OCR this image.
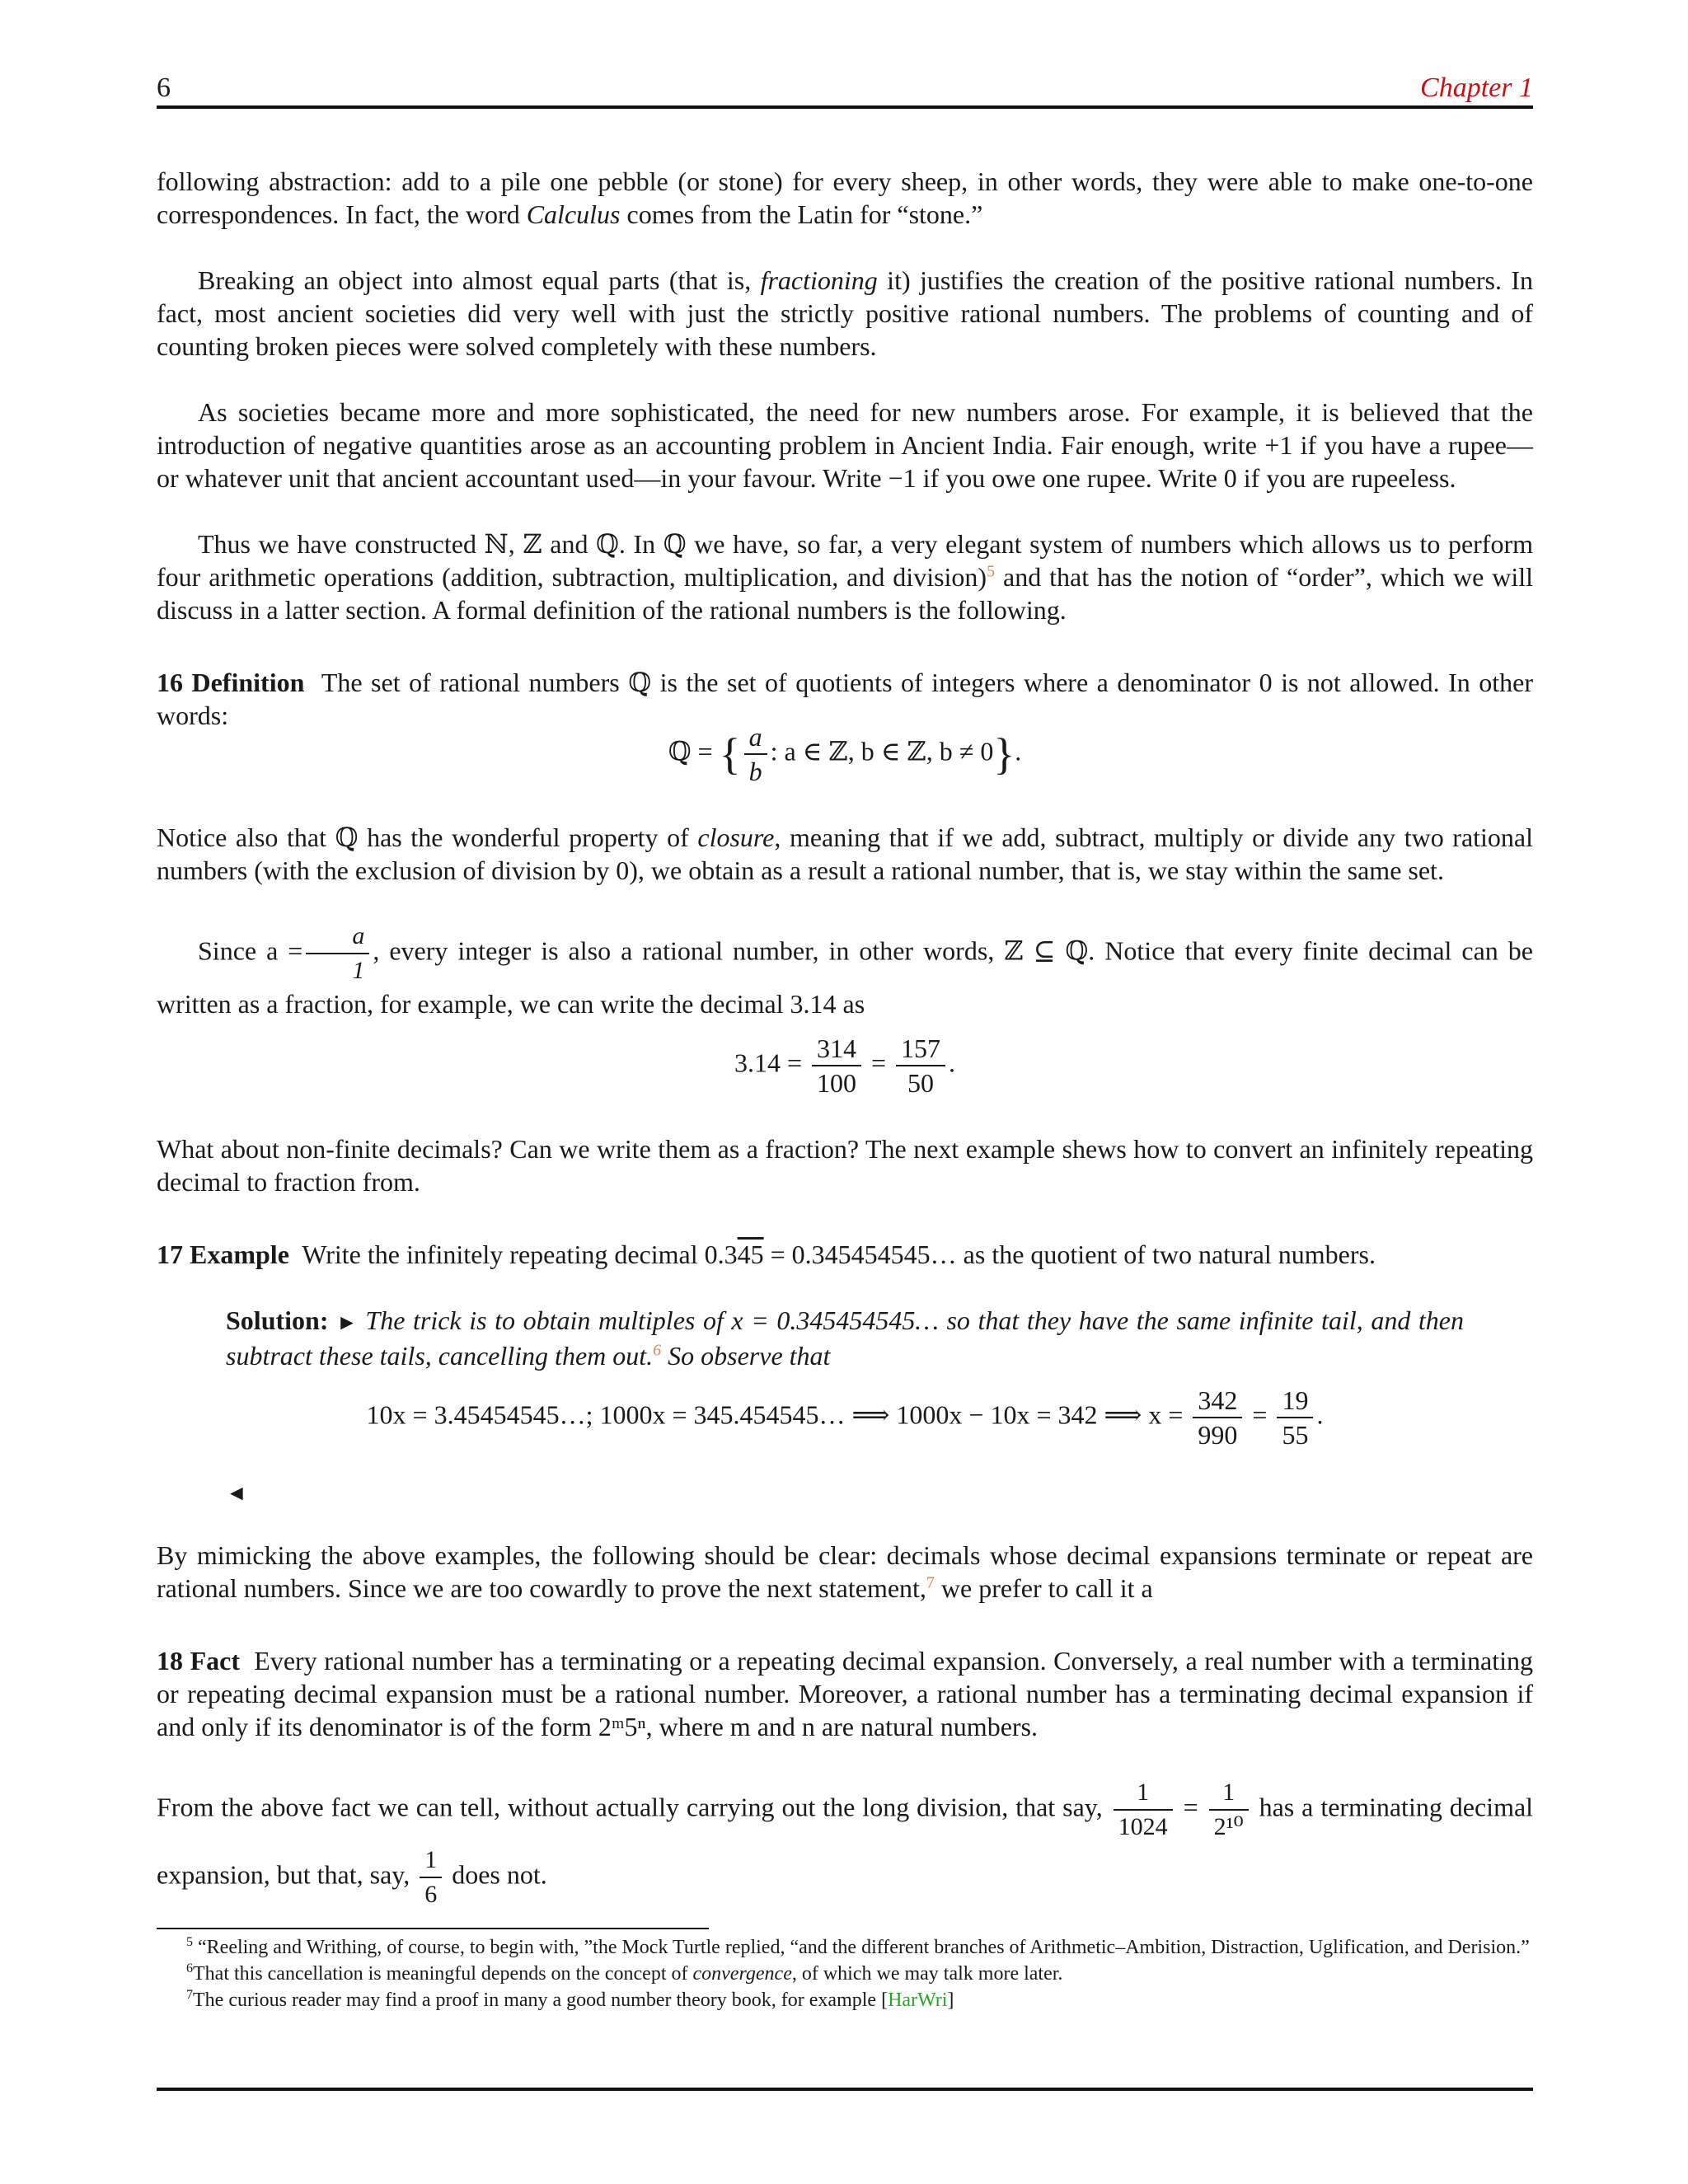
6	Chapter 1

following abstraction: add to a pile one pebble (or stone) for every sheep, in other words, they were able to make one-to-one correspondences. In fact, the word Calculus comes from the Latin for “stone.”

Breaking an object into almost equal parts (that is, fractioning it) justifies the creation of the positive rational numbers. In fact, most ancient societies did very well with just the strictly positive rational numbers. The problems of counting and of counting broken pieces were solved completely with these numbers.

As societies became more and more sophisticated, the need for new numbers arose. For example, it is believed that the introduction of negative quantities arose as an accounting problem in Ancient India. Fair enough, write +1 if you have a rupee—or whatever unit that ancient accountant used—in your favour. Write −1 if you owe one rupee. Write 0 if you are rupeeless.

Thus we have constructed ℕ, ℤ and ℚ. In ℚ we have, so far, a very elegant system of numbers which allows us to perform four arithmetic operations (addition, subtraction, multiplication, and division)$^5$ and that has the notion of “order”, which we will discuss in a latter section. A formal definition of the rational numbers is the following.

16 Definition The set of rational numbers ℚ is the set of quotients of integers where a denominator 0 is not allowed. In other words:

ℚ = { $\frac{a}{b}$ : a ∈ ℤ, b ∈ ℤ, b ≠ 0}.

Notice also that ℚ has the wonderful property of closure, meaning that if we add, subtract, multiply or divide any two rational numbers (with the exclusion of division by 0), we obtain as a result a rational number, that is, we stay within the same set.

Since $a = \frac{a}{1}$ , every integer is also a rational number, in other words, ℤ ⊆ ℚ. Notice that every finite decimal can be written as a fraction, for example, we can write the decimal 3.14 as

$3.14 = \frac{314}{100} = \frac{157}{50}$ .

What about non-finite decimals? Can we write them as a fraction? The next example shews how to convert an infinitely repeating decimal to fraction from.

17 Example Write the infinitely repeating decimal 0.345 = 0.345454545… as the quotient of two natural numbers.

Solution: ► The trick is to obtain multiples of x = 0.345454545… so that they have the same infinite tail, and then subtract these tails, cancelling them out.$^6$ So observe that

10x = 3.45454545…; 1000x = 345.454545… ⟹ 1000x − 10x = 342 ⟹ $x = \frac{342}{990} = \frac{19}{55}$ .
◄

By mimicking the above examples, the following should be clear: decimals whose decimal expansions terminate or repeat are rational numbers. Since we are too cowardly to prove the next statement,$^7$ we prefer to call it a

18 Fact Every rational number has a terminating or a repeating decimal expansion. Conversely, a real number with a terminating or repeating decimal expansion must be a rational number. Moreover, a rational number has a terminating decimal expansion if and only if its denominator is of the form 2ᵐ5ⁿ, where m and n are natural numbers.

From the above fact we can tell, without actually carrying out the long division, that say, $\frac{1}{1024} = \frac{1}{\text{2¹⁰}}$ has a terminating decimal expansion, but that, say, $\frac{1}{6}$ does not.

$^5$ “Reeling and Writhing, of course, to begin with, ”the Mock Turtle replied, “and the different branches of Arithmetic–Ambition, Distraction, Uglification, and Derision.”

$^6$That this cancellation is meaningful depends on the concept of convergence, of which we may talk more later.

$^7$The curious reader may find a proof in many a good number theory book, for example [HarWri]
